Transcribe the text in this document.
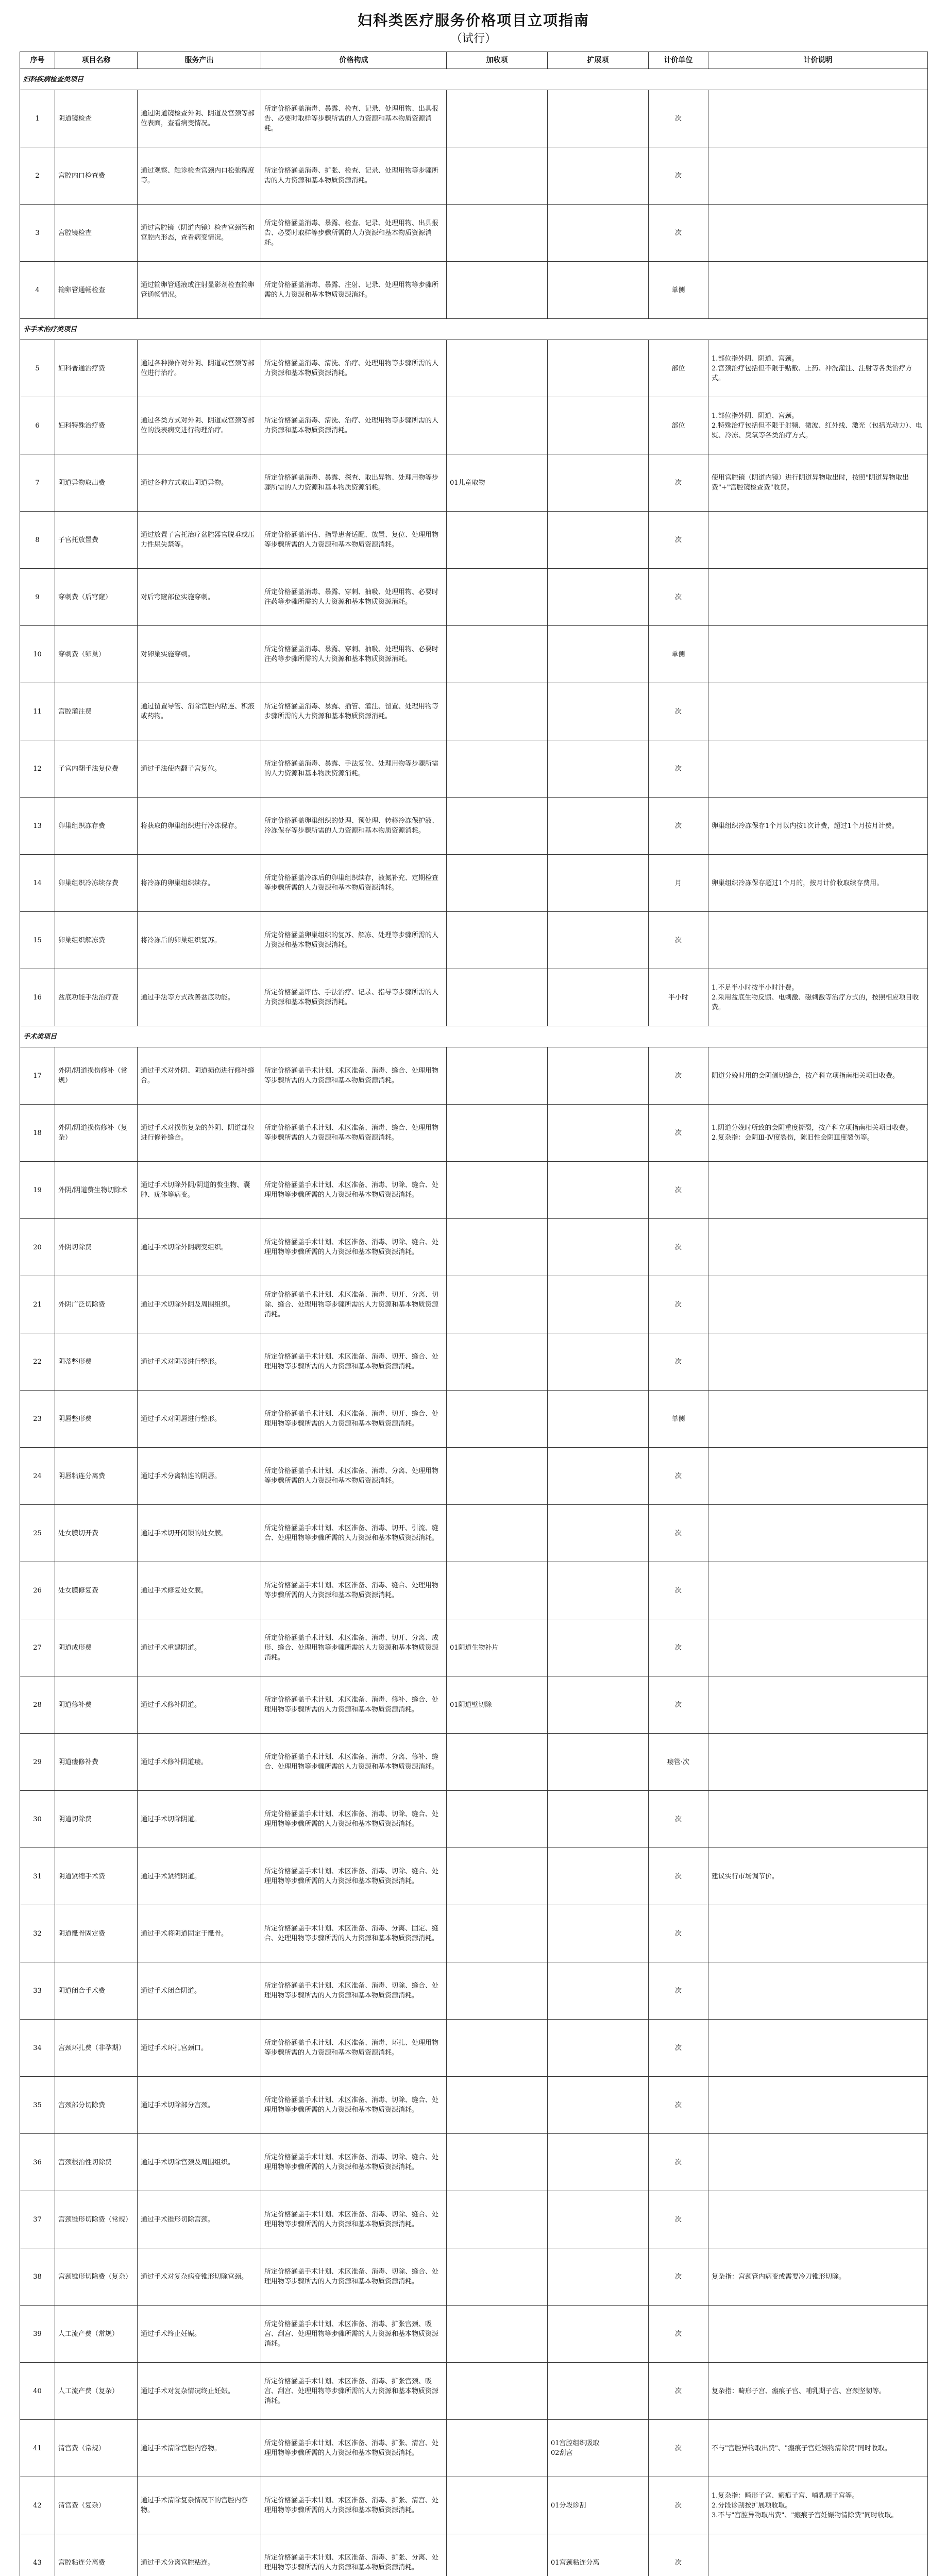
妇科类医疗服务价格项目立项指南
（试行）
序号	项目名称	服务产出	价格构成	加收项	扩展项	计价单位	计价说明
妇科疾病检查类项目							
1	阴道镜检查	通过阴道镜检查外阴、阴道及宫颈等部位表面，查看病变情况。	所定价格涵盖消毒、暴露、检查、记录、处理用物、出具报告、必要时取样等步骤所需的人力资源和基本物质资源消耗。			次	
2	宫腔内口检查费	通过观察、触诊检查宫颈内口松弛程度等。	所定价格涵盖消毒、扩张、检查、记录、处理用物等步骤所需的人力资源和基本物质资源消耗。			次	
3	宫腔镜检查	通过宫腔镜（阴道内镜）检查宫颈管和宫腔内形态，查看病变情况。	所定价格涵盖消毒、暴露、检查、记录、处理用物、出具报告、必要时取样等步骤所需的人力资源和基本物质资源消耗。			次	
4	输卵管通畅检查	通过输卵管通液或注射显影剂检查输卵管通畅情况。	所定价格涵盖消毒、暴露、注射、记录、处理用物等步骤所需的人力资源和基本物质资源消耗。			单侧	
非手术治疗类项目							
5	妇科普通治疗费	通过各种操作对外阴、阴道或宫颈等部位进行治疗。	所定价格涵盖消毒、清洗、治疗、处理用物等步骤所需的人力资源和基本物质资源消耗。			部位	1.部位指外阴、阴道、宫颈。
2.宫颈治疗包括但不限于贴敷、上药、冲洗灌注、注射等各类治疗方式。
6	妇科特殊治疗费	通过各类方式对外阴、阴道或宫颈等部位的浅表病变进行物理治疗。	所定价格涵盖消毒、清洗、治疗、处理用物等步骤所需的人力资源和基本物质资源消耗。			部位	1.部位指外阴、阴道、宫颈。
2.特殊治疗包括但不限于射频、微波、红外线、激光（包括光动力）、电熨、冷冻、臭氧等各类治疗方式。
7	阴道异物取出费	通过各种方式取出阴道异物。	所定价格涵盖消毒、暴露、探查、取出异物、处理用物等步骤所需的人力资源和基本物质资源消耗。	01儿童取物		次	使用宫腔镜（阴道内镜）进行阴道异物取出时，按照"阴道异物取出费"+"宫腔镜检查费"收费。
8	子宫托放置费	通过放置子宫托治疗盆腔器官脱垂或压力性尿失禁等。	所定价格涵盖评估、指导患者适配、放置、复位、处理用物等步骤所需的人力资源和基本物质资源消耗。			次	
9	穿刺费（后穹窿）	对后穹窿部位实施穿刺。	所定价格涵盖消毒、暴露、穿刺、抽吸、处理用物、必要时注药等步骤所需的人力资源和基本物质资源消耗。			次	
10	穿刺费（卵巢）	对卵巢实施穿刺。	所定价格涵盖消毒、暴露、穿刺、抽吸、处理用物、必要时注药等步骤所需的人力资源和基本物质资源消耗。			单侧	
11	宫腔灌注费	通过留置导管、消除宫腔内粘连、积液或药物。	所定价格涵盖消毒、暴露、插管、灌注、留置、处理用物等步骤所需的人力资源和基本物质资源消耗。			次	
12	子宫内翻手法复位费	通过手法使内翻子宫复位。	所定价格涵盖消毒、暴露、手法复位、处理用物等步骤所需的人力资源和基本物质资源消耗。			次	
13	卵巢组织冻存费	将获取的卵巢组织进行冷冻保存。	所定价格涵盖卵巢组织的处理、预处理、转移冷冻保护液、冷冻保存等步骤所需的人力资源和基本物质资源消耗。			次	卵巢组织冷冻保存1个月以内按1次计费，超过1个月按月计费。
14	卵巢组织冷冻续存费	将冷冻的卵巢组织续存。	所定价格涵盖冷冻后的卵巢组织续存，液氮补充、定期检查等步骤所需的人力资源和基本物质资源消耗。			月	卵巢组织冷冻保存超过1个月的，按月计价收取续存费用。
15	卵巢组织解冻费	将冷冻后的卵巢组织复苏。	所定价格涵盖卵巢组织的复苏、解冻、处理等步骤所需的人力资源和基本物质资源消耗。			次	
16	盆底功能手法治疗费	通过手法等方式改善盆底功能。	所定价格涵盖评估、手法治疗、记录、指导等步骤所需的人力资源和基本物质资源消耗。			半小时	1.不足半小时按半小时计费。
2.采用盆底生物反馈、电刺激、磁刺激等治疗方式的，按照相应项目收费。
手术类项目							
17	外阴/阴道损伤修补（常规）	通过手术对外阴、阴道损伤进行修补缝合。	所定价格涵盖手术计划、术区准备、消毒、缝合、处理用物等步骤所需的人力资源和基本物质资源消耗。			次	阴道分娩时用的会阴侧切缝合，按产科立项指南相关项目收费。
18	外阴/阴道损伤修补（复杂）	通过手术对损伤复杂的外阴、阴道部位进行修补缝合。	所定价格涵盖手术计划、术区准备、消毒、缝合、处理用物等步骤所需的人力资源和基本物质资源消耗。			次	1.阴道分娩时所致的会阴重度撕裂，按产科立项指南相关项目收费。
2.复杂指：会阴Ⅲ-Ⅳ度裂伤，陈旧性会阴Ⅲ度裂伤等。
19	外阴/阴道赘生物切除术	通过手术切除外阴/阴道的赘生物、囊肿、疣体等病变。	所定价格涵盖手术计划、术区准备、消毒、切除、缝合、处理用物等步骤所需的人力资源和基本物质资源消耗。			次	
20	外阴切除费	通过手术切除外阴病变组织。	所定价格涵盖手术计划、术区准备、消毒、切除、缝合、处理用物等步骤所需的人力资源和基本物质资源消耗。			次	
21	外阴广泛切除费	通过手术切除外阴及周围组织。	所定价格涵盖手术计划、术区准备、消毒、切开、分离、切除、缝合、处理用物等步骤所需的人力资源和基本物质资源消耗。			次	
22	阴蒂整形费	通过手术对阴蒂进行整形。	所定价格涵盖手术计划、术区准备、消毒、切开、缝合、处理用物等步骤所需的人力资源和基本物质资源消耗。			次	
23	阴唇整形费	通过手术对阴唇进行整形。	所定价格涵盖手术计划、术区准备、消毒、切开、缝合、处理用物等步骤所需的人力资源和基本物质资源消耗。			单侧	
24	阴唇粘连分离费	通过手术分离粘连的阴唇。	所定价格涵盖手术计划、术区准备、消毒、分离、处理用物等步骤所需的人力资源和基本物质资源消耗。			次	
25	处女膜切开费	通过手术切开闭锁的处女膜。	所定价格涵盖手术计划、术区准备、消毒、切开、引流、缝合、处理用物等步骤所需的人力资源和基本物质资源消耗。			次	
26	处女膜修复费	通过手术修复处女膜。	所定价格涵盖手术计划、术区准备、消毒、缝合、处理用物等步骤所需的人力资源和基本物质资源消耗。			次	
27	阴道成形费	通过手术重建阴道。	所定价格涵盖手术计划、术区准备、消毒、切开、分离、成形、缝合、处理用物等步骤所需的人力资源和基本物质资源消耗。	01阴道生物补片		次	
28	阴道修补费	通过手术修补阴道。	所定价格涵盖手术计划、术区准备、消毒、修补、缝合、处理用物等步骤所需的人力资源和基本物质资源消耗。	01阴道壁切除		次	
29	阴道瘘修补费	通过手术修补阴道瘘。	所定价格涵盖手术计划、术区准备、消毒、分离、修补、缝合、处理用物等步骤所需的人力资源和基本物质资源消耗。			瘘管·次	
30	阴道切除费	通过手术切除阴道。	所定价格涵盖手术计划、术区准备、消毒、切除、缝合、处理用物等步骤所需的人力资源和基本物质资源消耗。			次	
31	阴道紧缩手术费	通过手术紧缩阴道。	所定价格涵盖手术计划、术区准备、消毒、切除、缝合、处理用物等步骤所需的人力资源和基本物质资源消耗。			次	建议实行市场调节价。
32	阴道骶骨固定费	通过手术将阴道固定于骶骨。	所定价格涵盖手术计划、术区准备、消毒、分离、固定、缝合、处理用物等步骤所需的人力资源和基本物质资源消耗。			次	
33	阴道闭合手术费	通过手术闭合阴道。	所定价格涵盖手术计划、术区准备、消毒、切除、缝合、处理用物等步骤所需的人力资源和基本物质资源消耗。			次	
34	宫颈环扎费（非孕期）	通过手术环扎宫颈口。	所定价格涵盖手术计划、术区准备、消毒、环扎、处理用物等步骤所需的人力资源和基本物质资源消耗。			次	
35	宫颈部分切除费	通过手术切除部分宫颈。	所定价格涵盖手术计划、术区准备、消毒、切除、缝合、处理用物等步骤所需的人力资源和基本物质资源消耗。			次	
36	宫颈根治性切除费	通过手术切除宫颈及周围组织。	所定价格涵盖手术计划、术区准备、消毒、切除、缝合、处理用物等步骤所需的人力资源和基本物质资源消耗。			次	
37	宫颈锥形切除费（常规）	通过手术锥形切除宫颈。	所定价格涵盖手术计划、术区准备、消毒、切除、缝合、处理用物等步骤所需的人力资源和基本物质资源消耗。			次	
38	宫颈锥形切除费（复杂）	通过手术对复杂病变锥形切除宫颈。	所定价格涵盖手术计划、术区准备、消毒、切除、缝合、处理用物等步骤所需的人力资源和基本物质资源消耗。			次	复杂指：宫颈管内病变或需要冷刀锥形切除。
39	人工流产费（常规）	通过手术终止妊娠。	所定价格涵盖手术计划、术区准备、消毒、扩张宫颈、吸宫、刮宫、处理用物等步骤所需的人力资源和基本物质资源消耗。			次	
40	人工流产费（复杂）	通过手术对复杂情况终止妊娠。	所定价格涵盖手术计划、术区准备、消毒、扩张宫颈、吸宫、刮宫、处理用物等步骤所需的人力资源和基本物质资源消耗。			次	复杂指：畸形子宫、瘢痕子宫、哺乳期子宫、宫颈坚韧等。
41	清宫费（常规）	通过手术清除宫腔内容物。	所定价格涵盖手术计划、术区准备、消毒、扩张、清宫、处理用物等步骤所需的人力资源和基本物质资源消耗。		01宫腔组织吸取
02刮宫	次	不与"宫腔异物取出费"、"瘢痕子宫妊娠物清除费"同时收取。
42	清宫费（复杂）	通过手术清除复杂情况下的宫腔内容物。	所定价格涵盖手术计划、术区准备、消毒、扩张、清宫、处理用物等步骤所需的人力资源和基本物质资源消耗。		01分段诊刮	次	1.复杂指：畸形子宫、瘢痕子宫、哺乳期子宫等。
2.分段诊刮按扩展项收取。
3.不与"宫腔异物取出费"、"瘢痕子宫妊娠物清除费"同时收取。
43	宫腔粘连分离费	通过手术分离宫腔粘连。	所定价格涵盖手术计划、术区准备、消毒、扩张、分离、处理用物等步骤所需的人力资源和基本物质资源消耗。		01宫颈粘连分离	次	
